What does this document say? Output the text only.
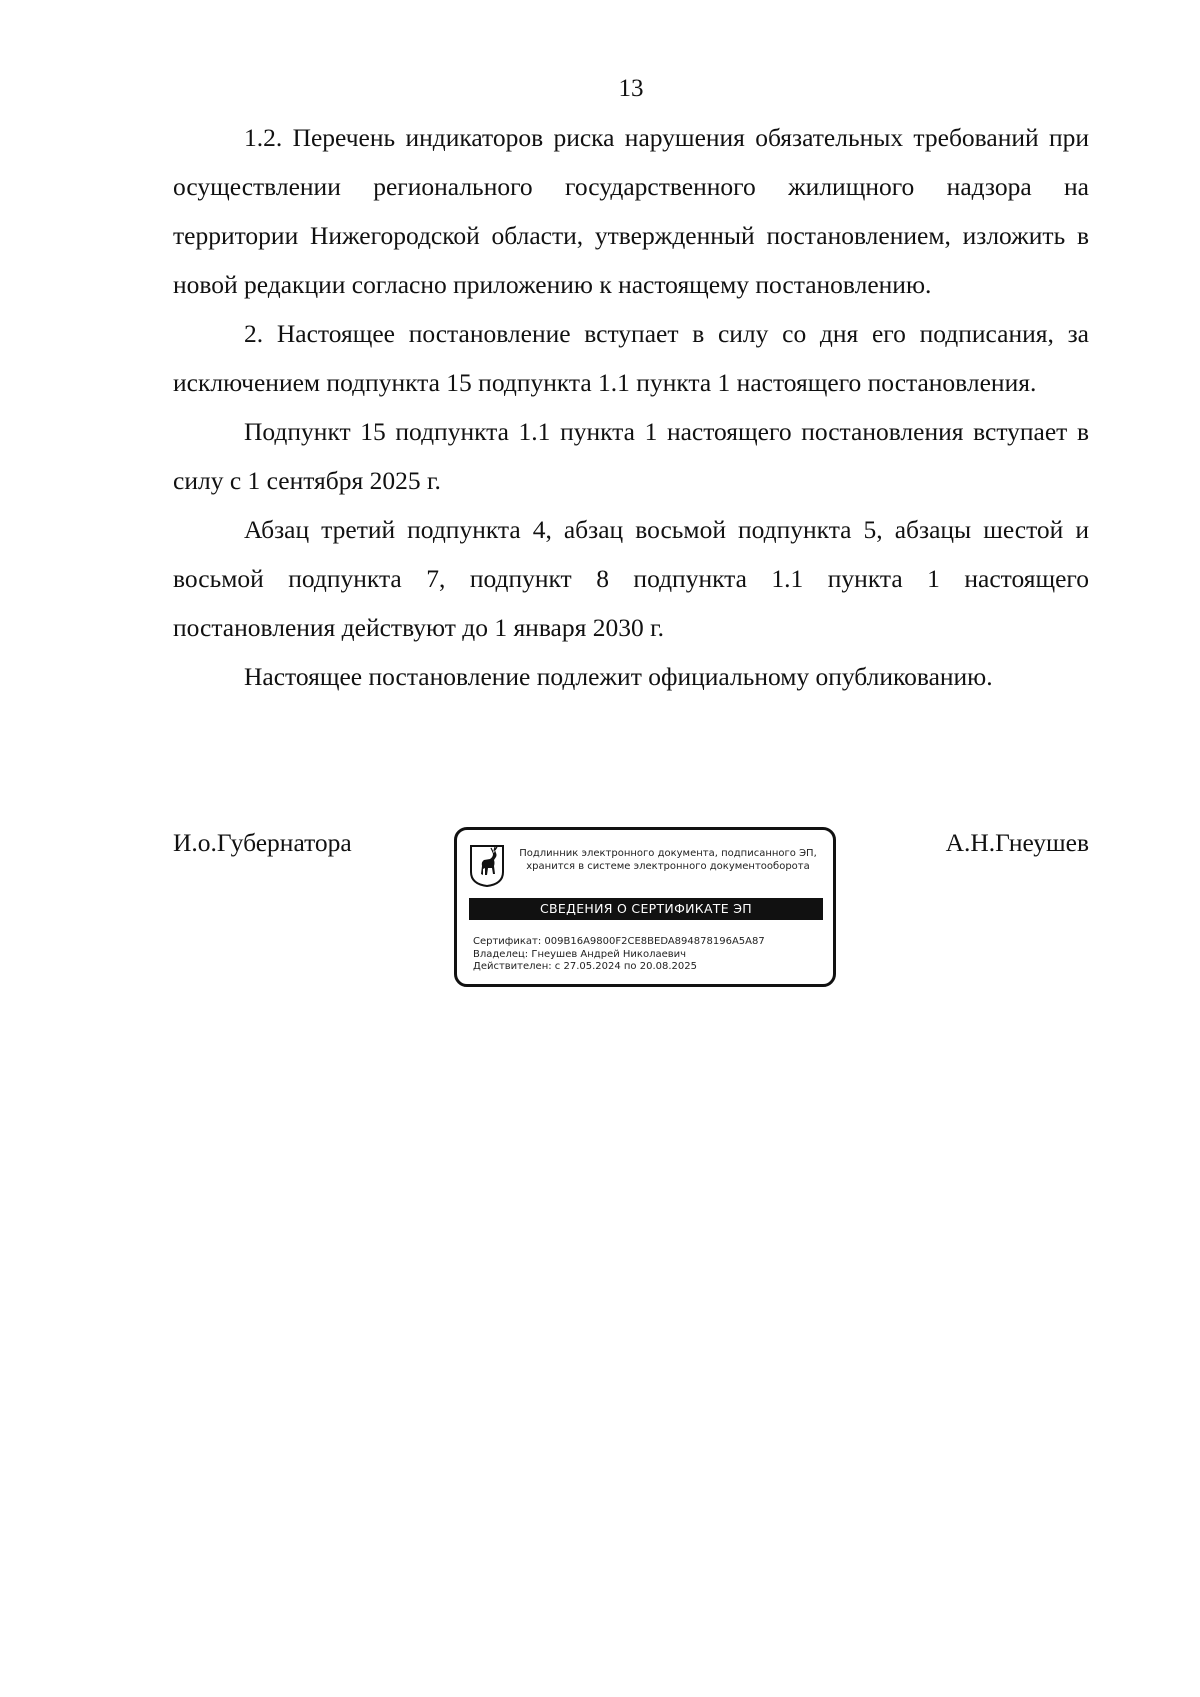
13

1.2. Перечень индикаторов риска нарушения обязательных требований при осуществлении регионального государственного жилищного надзора на территории Нижегородской области, утвержденный постановлением, изложить в новой редакции согласно приложению к настоящему постановлению.

2. Настоящее постановление вступает в силу со дня его подписания, за исключением подпункта 15 подпункта 1.1 пункта 1 настоящего постановления.

Подпункт 15 подпункта 1.1 пункта 1 настоящего постановления вступает в силу с 1 сентября 2025 г.

Абзац третий подпункта 4, абзац восьмой подпункта 5, абзацы шестой и восьмой подпункта 7, подпункт 8 подпункта 1.1 пункта 1 настоящего постановления действуют до 1 января 2030 г.

Настоящее постановление подлежит официальному опубликованию.

И.о.Губернатора	А.Н.Гнеушев
Подлинник электронного документа, подписанного ЭП,
хранится в системе электронного документооборота
СВЕДЕНИЯ О СЕРТИФИКАТЕ ЭП
Сертификат: 009B16A9800F2CE8BEDA894878196A5A87
Владелец: Гнеушев Андрей Николаевич
Действителен: с 27.05.2024 по 20.08.2025
